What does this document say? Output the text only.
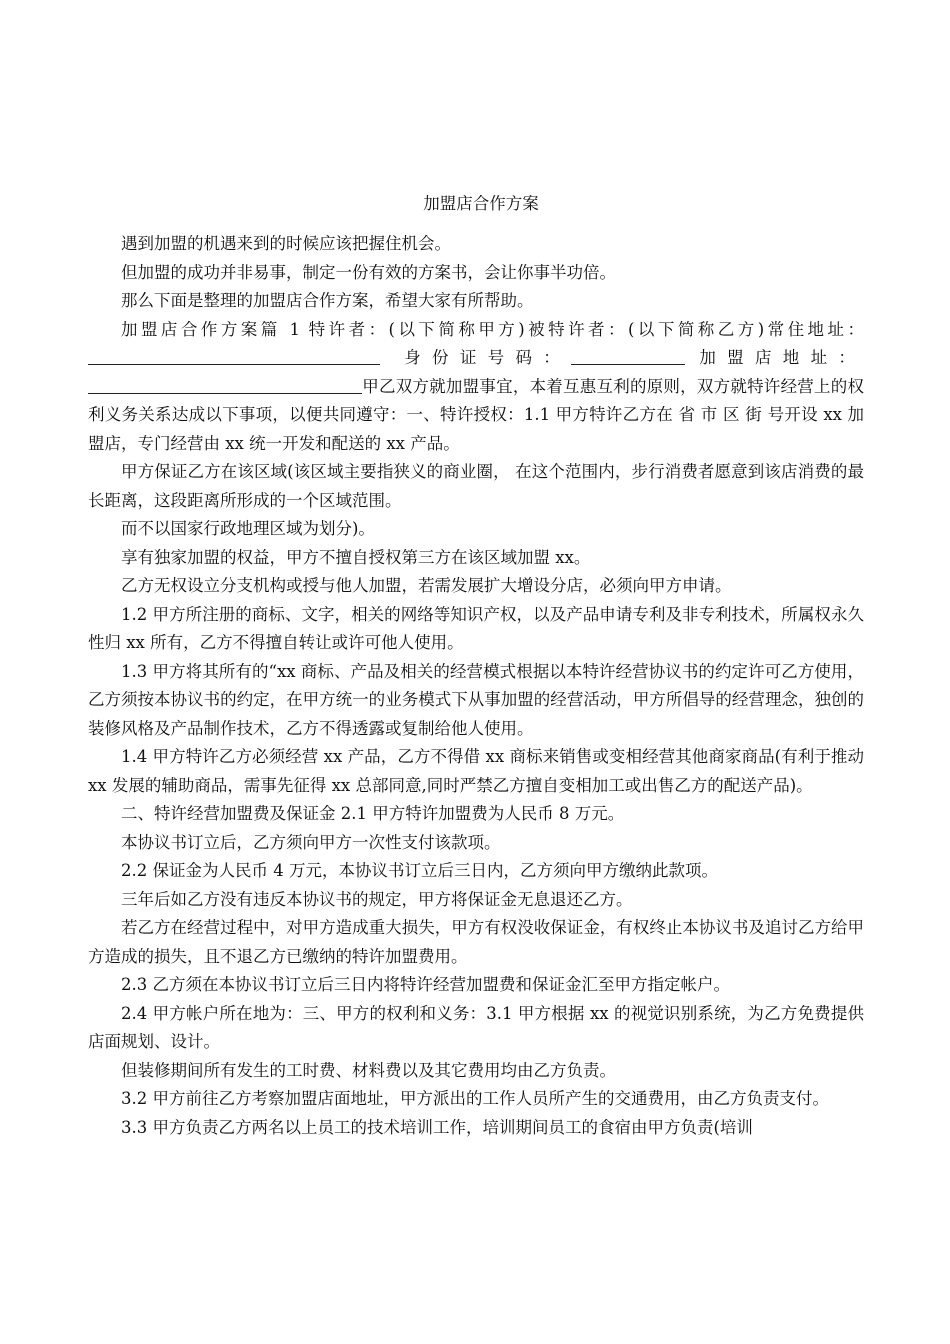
加盟店合作方案

遇到加盟的机遇来到的时候应该把握住机会。

但加盟的成功并非易事，制定一份有效的方案书，会让你事半功倍。

那么下面是整理的加盟店合作方案，希望大家有所帮助。

加盟店合作方案篇 1 特许者：(以下简称甲方)被特许者：(以下简称乙方)常住地址：身份证号码：	加盟店地址：甲乙双方就加盟事宜，本着互惠互利的原则，双方就特许经营上的权利义务关系达成以下事项，以便共同遵守：一、特许授权：1.1 甲方特许乙方在 省 市 区 街 号开设 xx 加盟店，专门经营由 xx 统一开发和配送的 xx 产品。

甲方保证乙方在该区域(该区域主要指狭义的商业圈， 在这个范围内，步行消费者愿意到该店消费的最长距离，这段距离所形成的一个区域范围。

而不以国家行政地理区域为划分)。

享有独家加盟的权益，甲方不擅自授权第三方在该区域加盟 xx。

乙方无权设立分支机构或授与他人加盟，若需发展扩大增设分店，必须向甲方申请。

1.2 甲方所注册的商标、文字，相关的网络等知识产权，以及产品申请专利及非专利技术，所属权永久性归 xx 所有，乙方不得擅自转让或许可他人使用。

1.3 甲方将其所有的“xx 商标、产品及相关的经营模式根据以本特许经营协议书的约定许可乙方使用，乙方须按本协议书的约定，在甲方统一的业务模式下从事加盟的经营活动，甲方所倡导的经营理念，独创的装修风格及产品制作技术，乙方不得透露或复制给他人使用。

1.4 甲方特许乙方必须经营 xx 产品，乙方不得借 xx 商标来销售或变相经营其他商家商品(有利于推动 xx 发展的辅助商品，需事先征得 xx 总部同意,同时严禁乙方擅自变相加工或出售乙方的配送产品)。

二、特许经营加盟费及保证金 2.1 甲方特许加盟费为人民币 8 万元。

本协议书订立后，乙方须向甲方一次性支付该款项。

2.2 保证金为人民币 4 万元，本协议书订立后三日内，乙方须向甲方缴纳此款项。

三年后如乙方没有违反本协议书的规定，甲方将保证金无息退还乙方。

若乙方在经营过程中，对甲方造成重大损失，甲方有权没收保证金，有权终止本协议书及追讨乙方给甲方造成的损失，且不退乙方已缴纳的特许加盟费用。

2.3 乙方须在本协议书订立后三日内将特许经营加盟费和保证金汇至甲方指定帐户。

2.4 甲方帐户所在地为：三、甲方的权利和义务：3.1 甲方根据 xx 的视觉识别系统，为乙方免费提供店面规划、设计。

但装修期间所有发生的工时费、材料费以及其它费用均由乙方负责。

3.2 甲方前往乙方考察加盟店面地址，甲方派出的工作人员所产生的交通费用，由乙方负责支付。

3.3 甲方负责乙方两名以上员工的技术培训工作，培训期间员工的食宿由甲方负责(培训
